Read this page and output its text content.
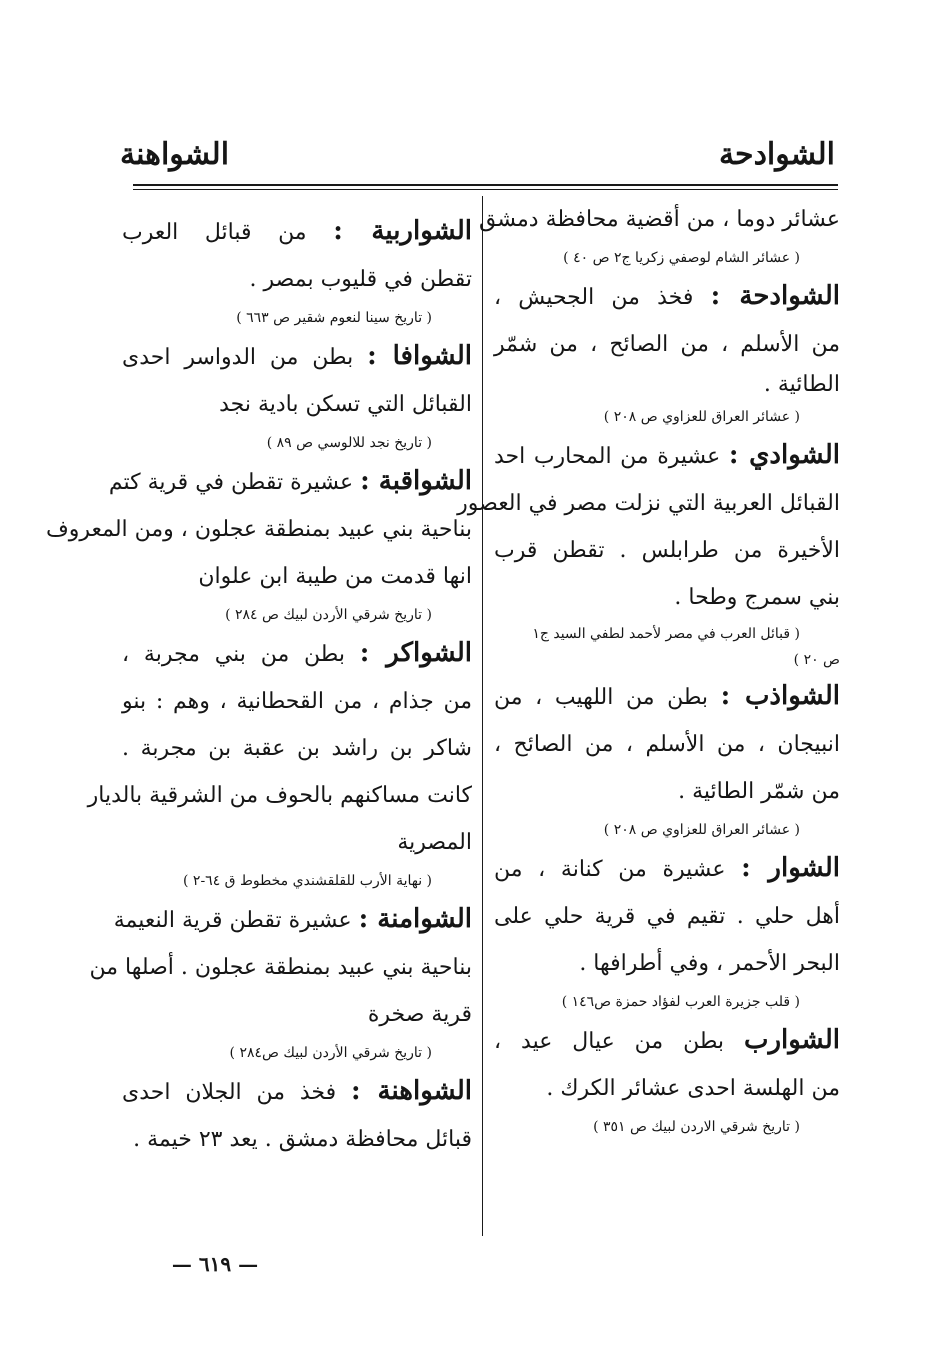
الشواهنة	الشوادحة
عشائر دوما ، من أقضية محافظة دمشق .
( عشائر الشام لوصفي زكريا ج٢ ص ٤٠ )
الشوادحة : فخذ من الجحيش ،
من الأسلم ، من الصائح ، من شمّر
الطائية .
( عشائر العراق للعزاوي ص ٢٠٨ )
الشوادي : عشيرة من المحارب احد
القبائل العربية التي نزلت مصر في العصور
الأخيرة من طرابلس . تقطن قرب
بني سمرج وطحا .
( قبائل العرب في مصر لأحمد لطفي السيد ج١
ص ٢٠ )
الشواذب : بطن من اللهيب ، من
انبيجان ، من الأسلم ، من الصائح ،
من شمّر الطائية .
( عشائر العراق للعزاوي ص ٢٠٨ )
الشوار : عشيرة من كنانة ، من
أهل حلي . تقيم في قرية حلي على
البحر الأحمر ، وفي أطرافها .
( قلب جزيرة العرب لفؤاد حمزة ص١٤٦ )
الشوارب بطن من عيال عيد ،
من الهلسة احدى عشائر الكرك .
( تاريخ شرقي الاردن لبيك ص ٣٥١ )
الشواربية : من قبائل العرب
تقطن في قليوب بمصر .
( تاريخ سينا لنعوم شقير ص ٦٦٣ )
الشوافا : بطن من الدواسر احدى
القبائل التي تسكن بادية نجد
( تاريخ نجد للالوسي ص ٨٩ )
الشواقبة : عشيرة تقطن في قرية كتم
بناحية بني عبيد بمنطقة عجلون ، ومن المعروف
انها قدمت من طيبة ابن علوان
( تاريخ شرقي الأردن لبيك ص ٢٨٤ )
الشواكر : بطن من بني مجربة ،
من جذام ، من القحطانية ، وهم : بنو
شاكر بن راشد بن عقبة بن مجربة .
كانت مساكنهم بالحوف من الشرقية بالديار
المصرية
( نهاية الأرب للقلقشندي مخطوط ق ٦٤-٢ )
الشوامنة : عشيرة تقطن قرية النعيمة
بناحية بني عبيد بمنطقة عجلون . أصلها من
قرية صخرة
( تاريخ شرقي الأردن لبيك ص٢٨٤ )
الشواهنة : فخذ من الجلان احدى
قبائل محافظة دمشق . يعد ٢٣ خيمة .
— ٦١٩ —
